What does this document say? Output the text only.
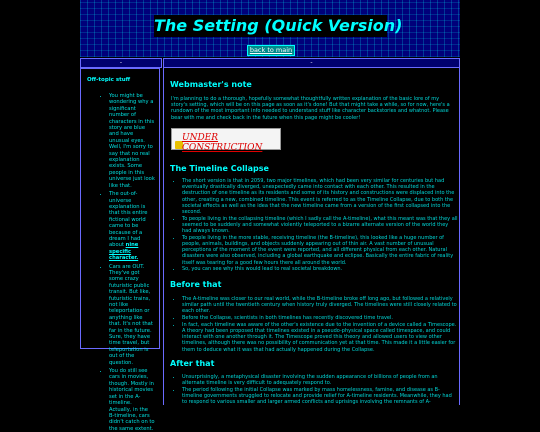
The Setting (Quick Version)
back to main
-	-
Off-topic stuff
• You might be wondering why a significant number of characters in this story are blue and have unusual eyes. Well, I'm sorry to say that no real explanation exists. Some people in this universe just look like that.
• The out-of-universe explanation is that this entire fictional world came to be because of a dream I had about nine specific character.
• Cars are OUT. They've got some crazy futuristic public transit. But like, futuristic trains, not like teleportation or anything like that. It's not that far in the future. Sure, they have time travel, but teleportation is out of the question.
• You do still see cars in movies, though. Mostly in historical movies set in the A-timeline. Actually, in the B-timeline, cars didn't catch on to the same extent.
Webmaster's note

I'm planning to do a thorough, hopefully somewhat thoughtfully written explanation of the basic lore of my story's setting, which will be on this page as soon as it's done! But that might take a while, so for now, here's a rundown of the most important info needed to understand stuff like character backstories and whatnot. Please bear with me and check back in the future when this page might be cooler!

UNDER CONSTRUCTION
The Timeline Collapse
• The short version is that in 2059, two major timelines, which had been very similar for centuries but had eventually drastically diverged, unexpectedly came into contact with each other. This resulted in the destruction of one timeline as its residents and some of its history and constructions were displaced into the other, creating a new, combined timeline. This event is referred to as the Timeline Collapse, due to both the societal effects as well as the idea that the new timeline came from a version of the first collapsed into the second.
• To people living in the collapsing timeline (which I sadly call the A-timeline), what this meant was that they all seemed to be suddenly and somewhat violently teleported to a bizarre alternate version of the world they had always known.
• To people living in the more stable, receiving timeline (the B-timeline), this looked like a huge number of people, animals, buildings, and objects suddenly appearing out of thin air. A vast number of unusual perceptions of the moment of the event were reported, and all different physical from each other. Natural disasters were also observed, including a global earthquake and eclipse. Basically the entire fabric of reality itself was tearing for a good few hours there all around the world.
• So, you can see why this would lead to real societal breakdown.
Before that
• The A-timeline was closer to our real world, while the B-timeline broke off long ago, but followed a relatively similar path until the twentieth century when history truly diverged. The timelines were still closely related to each other.
• Before the Collapse, scientists in both timelines has recently discovered time travel.
• In fact, each timeline was aware of the other's existence due to the invention of a device called a Timescope. A theory had been proposed that timelines existed in a pseudo-physical space called timespace, and could interact with one another through it. The Timescope proved this theory and allowed users to view other timelines, although there was no possibility of communication yet at that time. This made it a little easier for them to deduce what it was that had actually happened during the Collapse.
After that
• Unsurprisingly, a metaphysical disaster involving the sudden appearance of billions of people from an alternate timeline is very difficult to adequately respond to.
• The period following the initial Collapse was marked by mass homelessness, famine, and disease as B-timeline governments struggled to relocate and provide relief for A-timeline residents. Meanwhile, they had to respond to various smaller and larger armed conflicts and uprisings involving the remnants of A-
